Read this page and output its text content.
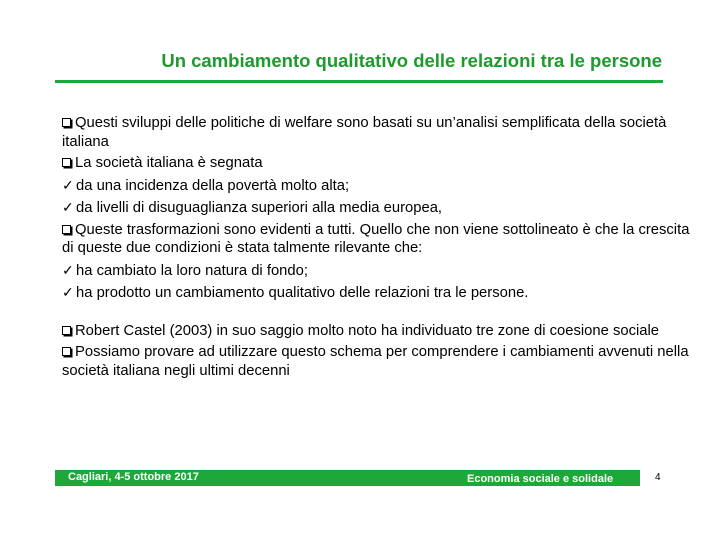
Un cambiamento qualitativo delle relazioni tra le persone
Questi sviluppi delle politiche di welfare sono basati su un’analisi semplificata della società italiana
La società italiana è segnata
✓ da una incidenza della povertà molto alta;
✓ da livelli di disuguaglianza superiori alla media europea,
Queste trasformazioni sono evidenti a tutti. Quello che non viene sottolineato è che la crescita di queste due condizioni è stata talmente rilevante che:
✓ ha cambiato la loro natura di fondo;
✓ ha prodotto un cambiamento qualitativo delle relazioni tra le persone.
Robert Castel (2003) in suo saggio molto noto ha individuato tre zone di coesione sociale
Possiamo provare ad utilizzare questo schema per comprendere i cambiamenti avvenuti nella società italiana negli ultimi decenni
Cagliari, 4-5 ottobre 2017	Economia sociale e solidale	4
